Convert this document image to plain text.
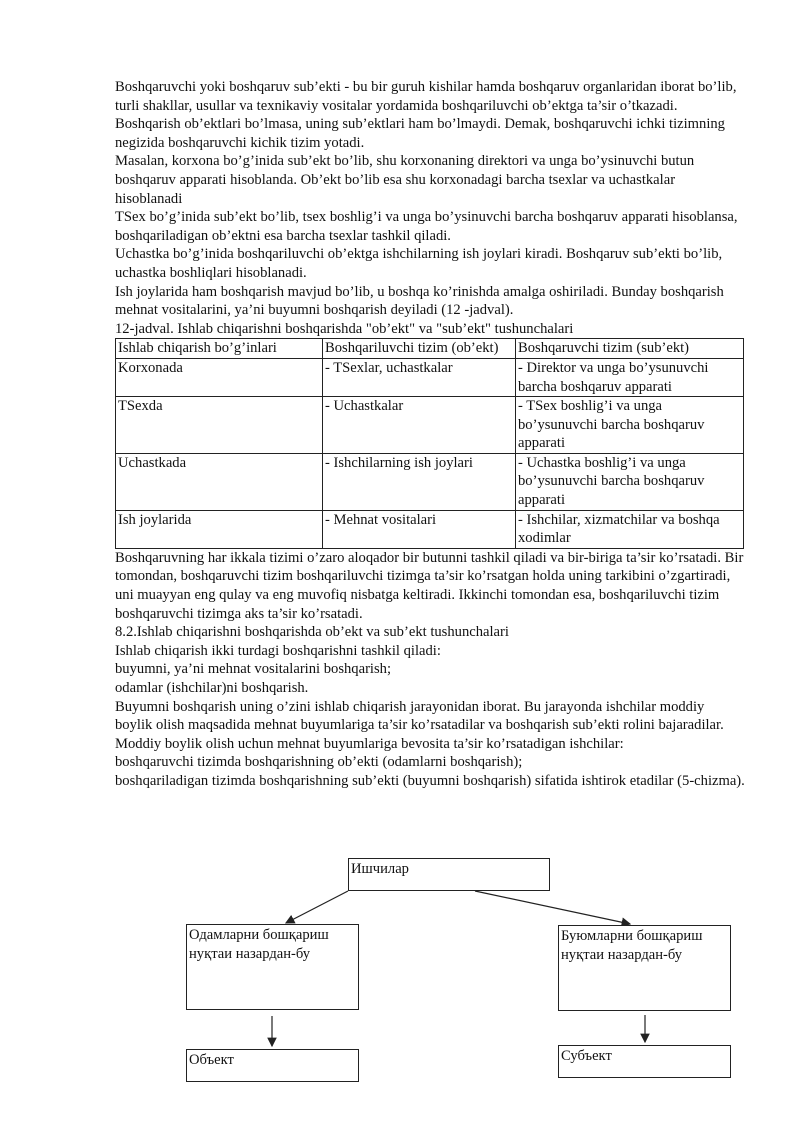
Boshqaruvchi yoki boshqaruv sub’ekti - bu bir guruh kishilar hamda boshqaruv organlaridan iborat bo’lib, turli shakllar, usullar va texnikaviy vositalar yordamida boshqariluvchi ob’ektga ta’sir o’tkazadi. Boshqarish ob’ektlari bo’lmasa, uning sub’ektlari ham bo’lmaydi. Demak, boshqaruvchi ichki tizimning negizida boshqaruvchi kichik tizim yotadi.

Masalan, korxona bo’g’inida sub’ekt bo’lib, shu korxonaning direktori va unga bo’ysinuvchi butun boshqaruv apparati hisoblanda. Ob’ekt bo’lib esa shu korxonadagi barcha tsexlar va uchastkalar hisoblanadi

TSex bo’g’inida sub’ekt bo’lib, tsex boshlig’i va unga bo’ysinuvchi barcha boshqaruv apparati hisoblansa, boshqariladigan ob’ektni esa barcha tsexlar tashkil qiladi.

Uchastka bo’g’inida boshqariluvchi ob’ektga ishchilarning ish joylari kiradi. Boshqaruv sub’ekti bo’lib, uchastka boshliqlari hisoblanadi.

Ish joylarida ham boshqarish mavjud bo’lib, u boshqa ko’rinishda amalga oshiriladi. Bunday boshqarish mehnat vositalarini, ya’ni buyumni boshqarish deyiladi (12 -jadval).

12-jadval. Ishlab chiqarishni boshqarishda "ob’ekt" va "sub’ekt" tushunchalari

Ishlab chiqarish bo’g’inlari	Boshqariluvchi tizim (ob’ekt)	Boshqaruvchi tizim (sub’ekt)
Korxonada	- TSexlar, uchastkalar	- Direktor va unga bo’ysunuvchi barcha boshqaruv apparati
TSexda	- Uchastkalar	- TSex boshlig’i va unga bo’ysunuvchi barcha boshqaruv apparati
Uchastkada	- Ishchilarning ish joylari	- Uchastka boshlig’i va unga bo’ysunuvchi barcha boshqaruv apparati
Ish joylarida	- Mehnat vositalari	- Ishchilar, xizmatchilar va boshqa xodimlar

Boshqaruvning har ikkala tizimi o’zaro aloqador bir butunni tashkil qiladi va bir-biriga ta’sir ko’rsatadi. Bir tomondan, boshqaruvchi tizim boshqariluvchi tizimga ta’sir ko’rsatgan holda uning tarkibini o’zgartiradi, uni muayyan eng qulay va eng muvofiq nisbatga keltiradi. Ikkinchi tomondan esa, boshqariluvchi tizim boshqaruvchi tizimga aks ta’sir ko’rsatadi.

8.2.Ishlab chiqarishni boshqarishda ob’ekt va sub’ekt tushunchalari

Ishlab chiqarish ikki turdagi boshqarishni tashkil qiladi:

buyumni, ya’ni mehnat vositalarini boshqarish;
odamlar (ishchilar)ni boshqarish.

Buyumni boshqarish uning o’zini ishlab chiqarish jarayonidan iborat. Bu jarayonda ishchilar moddiy boylik olish maqsadida mehnat buyumlariga ta’sir ko’rsatadilar va boshqarish sub’ekti rolini bajaradilar. Moddiy boylik olish uchun mehnat buyumlariga bevosita ta’sir ko’rsatadigan ishchilar:

boshqaruvchi tizimda boshqarishning ob’ekti (odamlarni boshqarish);
boshqariladigan tizimda boshqarishning sub’ekti (buyumni boshqarish) sifatida ishtirok etadilar (5-chizma).
Ишчилар
Одамларни бошқариш нуқтаи назардан-бу
Буюмларни бошқариш нуқтаи назардан-бу
Объект	Субъект
